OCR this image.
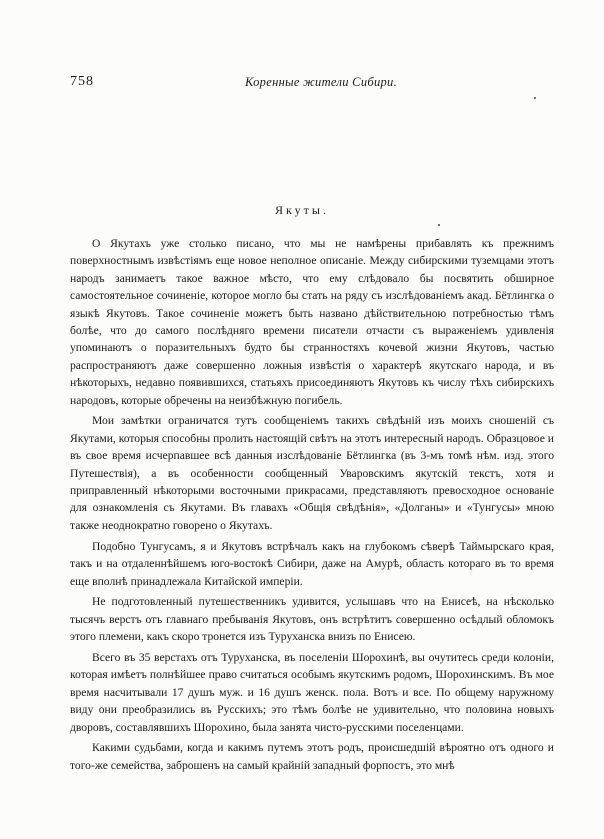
758	Коренные жители Сибири.
Якуты.

О Якутахъ уже столько писано, что мы не намѣрены прибавлять къ прежнимъ поверхностнымъ извѣстіямъ еще новое неполное описаніе. Между сибирскими туземцами этотъ народъ занимаетъ такое важное мѣсто, что ему слѣдовало бы посвятить обширное самостоятельное сочиненіе, которое могло бы стать на ряду съ изслѣдованіемъ акад. Бётлингка о языкѣ Якутовъ. Такое сочиненіе можетъ быть названо дѣйствительною потребностью тѣмъ болѣе, что до самого послѣдняго времени писатели отчасти съ выраженіемъ удивленія упоминаютъ о поразительныхъ будто бы странностяхъ кочевой жизни Якутовъ, частью распространяютъ даже совершенно ложныя извѣстія о характерѣ якутскаго народа, и въ нѣкоторыхъ, недавно появившихся, статьяхъ присоединяютъ Якутовъ къ числу тѣхъ сибирскихъ народовъ, которые обречены на неизбѣжную погибель.

Мои замѣтки ограничатся тутъ сообщеніемъ такихъ свѣдѣній изъ моихъ сношеній съ Якутами, которыя способны пролить настоящій свѣтъ на этотъ интересный народъ. Образцовое и въ свое время исчерпавшее всѣ данныя изслѣдованіе Бётлингка (въ 3-мъ томѣ нѣм. изд. этого Путешествія), а въ особенности сообщенный Уваровскимъ якутскій текстъ, хотя и приправленный нѣкоторыми восточными прикрасами, представляютъ превосходное основаніе для ознакомленія съ Якутами. Въ главахъ «Общія свѣдѣнія», «Долганы» и «Тунгусы» мною также неоднократно говорено о Якутахъ.

Подобно Тунгусамъ, я и Якутовъ встрѣчалъ какъ на глубокомъ сѣверѣ Таймырскаго края, такъ и на отдаленнѣйшемъ юго-востокѣ Сибири, даже на Амурѣ, область котораго въ то время еще вполнѣ принадлежала Китайской имперіи.

Не подготовленный путешественникъ удивится, услышавъ что на Енисеѣ, на нѣсколько тысячъ верстъ отъ главнаго пребыванія Якутовъ, онъ встрѣтитъ совершенно осѣдлый обломокъ этого племени, какъ скоро тронется изъ Туруханска внизъ по Енисею.

Всего въ 35 верстахъ отъ Туруханска, въ поселеніи Шорохинѣ, вы очутитесь среди колоніи, которая имѣетъ полнѣйшее право считаться особымъ якутскимъ родомъ, Шорохинскимъ. Въ мое время насчитывали 17 душъ муж. и 16 душъ женск. пола. Вотъ и все. По общему наружному виду они преобразились въ Русскихъ; это тѣмъ болѣе не удивительно, что половина новыхъ дворовъ, составлявшихъ Шорохино, была занята чисто-русскими поселенцами.

Какими судьбами, когда и какимъ путемъ этотъ родъ, происшедшій вѣроятно отъ одного и того-же семейства, заброшенъ на самый крайній западный форпостъ, это мнѣ
